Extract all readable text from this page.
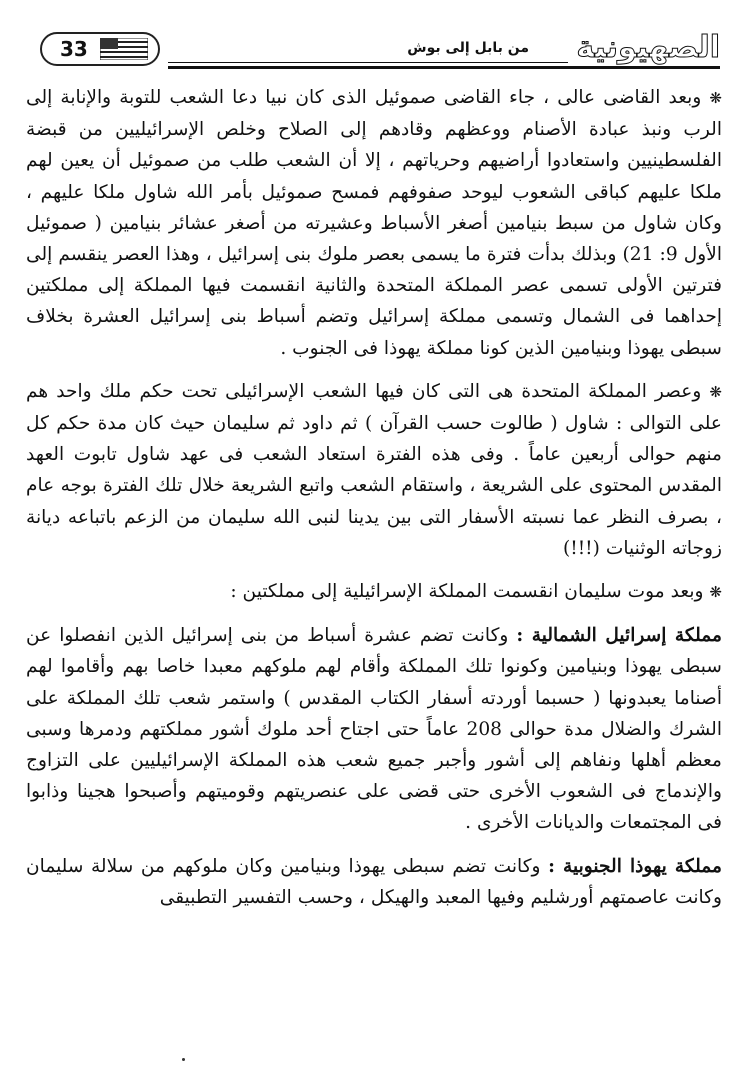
33	من بابل إلى بوش الصهيونية

❋ وبعد القاضى عالى ، جاء القاضى صموئيل الذى كان نبيا دعا الشعب للتوبة والإنابة إلى الرب ونبذ عبادة الأصنام ووعظهم وقادهم إلى الصلاح وخلص الإسرائيليين من قبضة الفلسطينيين واستعادوا أراضيهم وحرياتهم ، إلا أن الشعب طلب من صموئيل أن يعين لهم ملكا عليهم كباقى الشعوب ليوحد صفوفهم فمسح صموئيل بأمر الله شاول ملكا عليهم ، وكان شاول من سبط بنيامين أصغر الأسباط وعشيرته من أصغر عشائر بنيامين ( صموئيل الأول 9: 21) وبذلك بدأت فترة ما يسمى بعصر ملوك بنى إسرائيل ، وهذا العصر ينقسم إلى فترتين الأولى تسمى عصر المملكة المتحدة والثانية انقسمت فيها المملكة إلى مملكتين إحداهما فى الشمال وتسمى مملكة إسرائيل وتضم أسباط بنى إسرائيل العشرة بخلاف سبطى يهوذا وبنيامين الذين كونا مملكة يهوذا فى الجنوب .

❋ وعصر المملكة المتحدة هى التى كان فيها الشعب الإسرائيلى تحت حكم ملك واحد هم على التوالى : شاول ( طالوت حسب القرآن ) ثم داود ثم سليمان حيث كان مدة حكم كل منهم حوالى أربعين عاماً . وفى هذه الفترة استعاد الشعب فى عهد شاول تابوت العهد المقدس المحتوى على الشريعة ، واستقام الشعب واتبع الشريعة خلال تلك الفترة بوجه عام ، بصرف النظر عما نسبته الأسفار التى بين يدينا لنبى الله سليمان من الزعم باتباعه ديانة زوجاته الوثنيات (!!!)

❋ وبعد موت سليمان انقسمت المملكة الإسرائيلية إلى مملكتين :

مملكة إسرائيل الشمالية : وكانت تضم عشرة أسباط من بنى إسرائيل الذين انفصلوا عن سبطى يهوذا وبنيامين وكونوا تلك المملكة وأقام لهم ملوكهم معبدا خاصا بهم وأقاموا لهم أصناما يعبدونها ( حسبما أوردته أسفار الكتاب المقدس ) واستمر شعب تلك المملكة على الشرك والضلال مدة حوالى 208 عاماً حتى اجتاح أحد ملوك أشور مملكتهم ودمرها وسبى معظم أهلها ونفاهم إلى أشور وأجبر جميع شعب هذه المملكة الإسرائيليين على التزاوج والإندماج فى الشعوب الأخرى حتى قضى على عنصريتهم وقوميتهم وأصبحوا هجينا وذابوا فى المجتمعات والديانات الأخرى .

مملكة يهوذا الجنوبية : وكانت تضم سبطى يهوذا وبنيامين وكان ملوكهم من سلالة سليمان وكانت عاصمتهم أورشليم وفيها المعبد والهيكل ، وحسب التفسير التطبيقى
